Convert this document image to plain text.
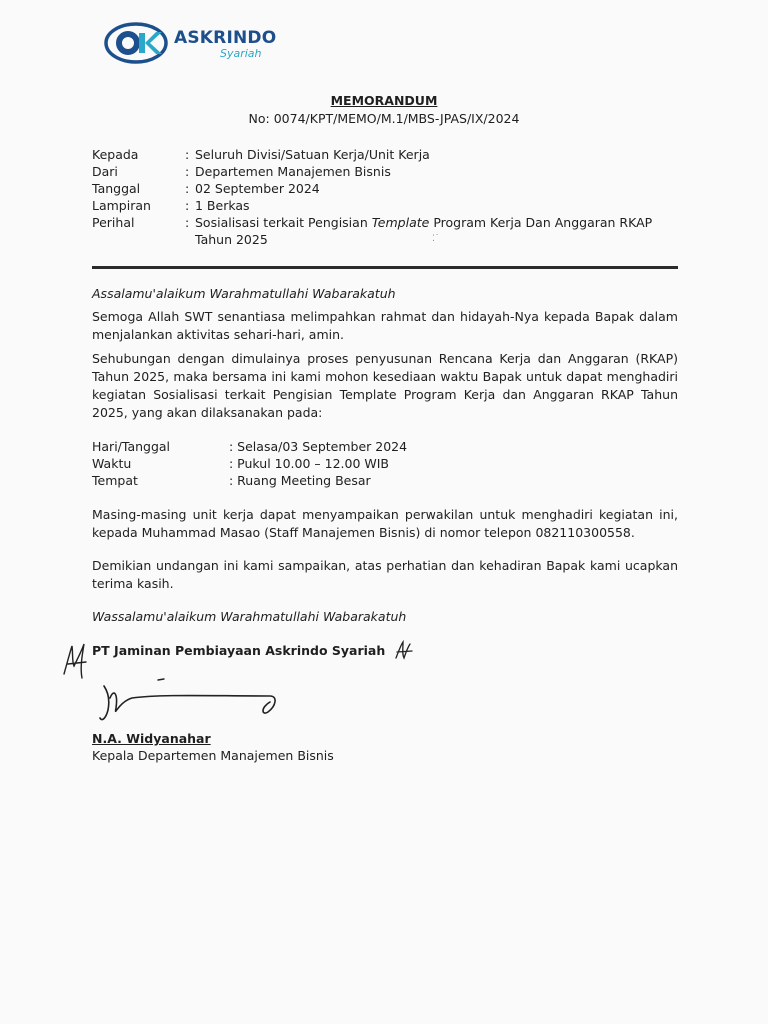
ASKRINDO
Syariah
MEMORANDUM
No: 0074/KPT/MEMO/M.1/MBS-JPAS/IX/2024
Kepada	: Seluruh Divisi/Satuan Kerja/Unit Kerja
Dari	: Departemen Manajemen Bisnis
Tanggal	: 02 September 2024
Lampiran	: 1 Berkas
Perihal	: Sosialisasi terkait Pengisian Template Program Kerja Dan Anggaran RKAP
Tahun 2025	⁚˙
Assalamu'alaikum Warahmatullahi Wabarakatuh
Semoga Allah SWT senantiasa melimpahkan rahmat dan hidayah-Nya kepada Bapak dalam menjalankan aktivitas sehari-hari, amin.
Sehubungan dengan dimulainya proses penyusunan Rencana Kerja dan Anggaran (RKAP) Tahun 2025, maka bersama ini kami mohon kesediaan waktu Bapak untuk dapat menghadiri kegiatan Sosialisasi terkait Pengisian Template Program Kerja dan Anggaran RKAP Tahun 2025, yang akan dilaksanakan pada:
Hari/Tanggal	: Selasa/03 September 2024
Waktu	: Pukul 10.00 – 12.00 WIB
Tempat	: Ruang Meeting Besar
Masing-masing unit kerja dapat menyampaikan perwakilan untuk menghadiri kegiatan ini, kepada Muhammad Masao (Staff Manajemen Bisnis) di nomor telepon 082110300558.
Demikian undangan ini kami sampaikan, atas perhatian dan kehadiran Bapak kami ucapkan terima kasih.
Wassalamu'alaikum Warahmatullahi Wabarakatuh
PT Jaminan Pembiayaan Askrindo Syariah
N.A. Widyanahar
Kepala Departemen Manajemen Bisnis
